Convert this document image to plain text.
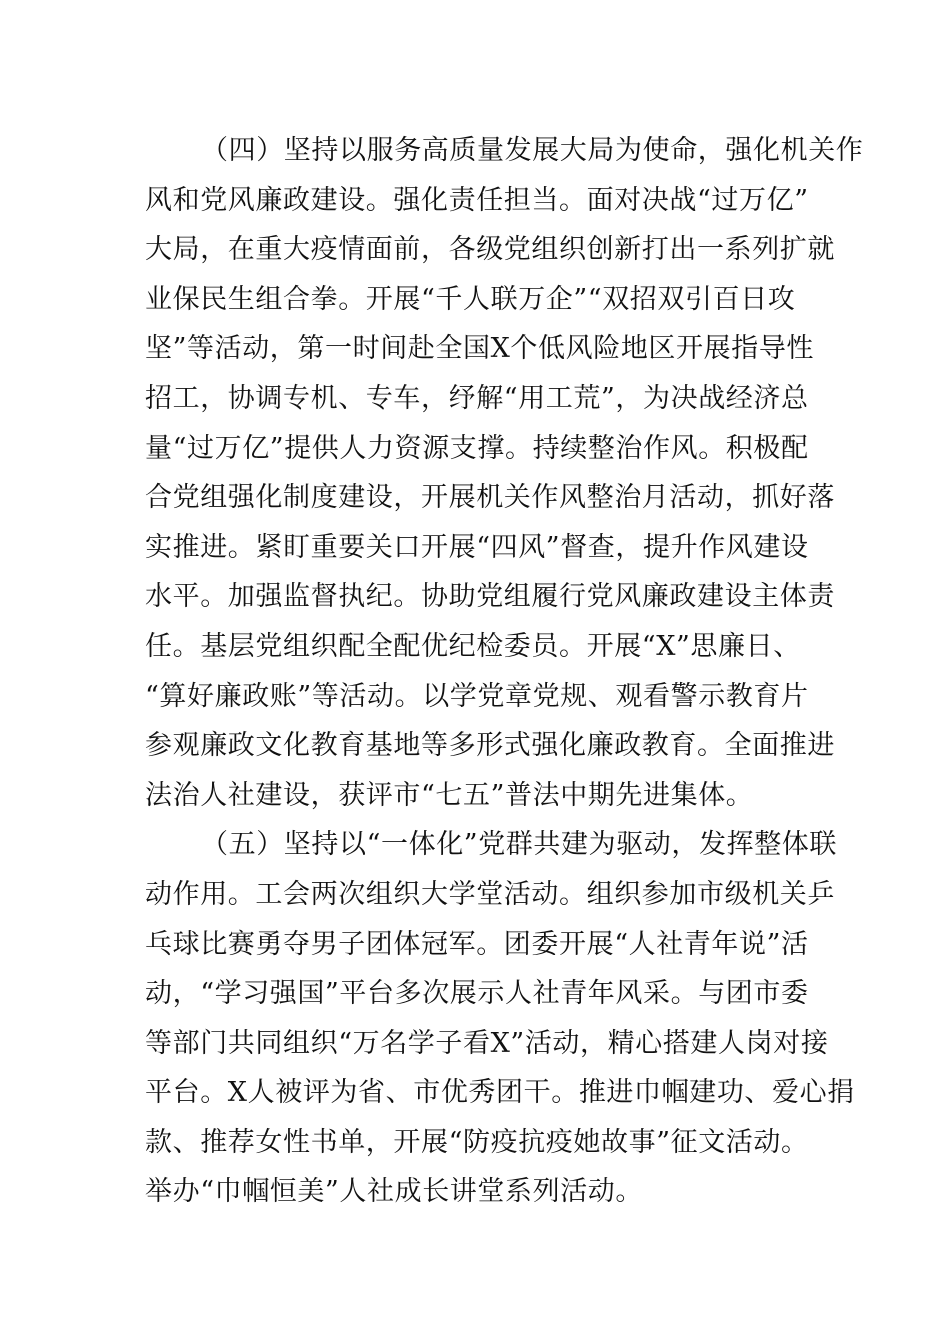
（四）坚持以服务高质量发展大局为使命，强化机关作
风和党风廉政建设。强化责任担当。面对决战“过万亿”
大局，在重大疫情面前，各级党组织创新打出一系列扩就
业保民生组合拳。开展“千人联万企”“双招双引百日攻
坚”等活动，第一时间赴全国X个低风险地区开展指导性
招工，协调专机、专车，纾解“用工荒”，为决战经济总
量“过万亿”提供人力资源支撑。持续整治作风。积极配
合党组强化制度建设，开展机关作风整治月活动，抓好落
实推进。紧盯重要关口开展“四风”督查，提升作风建设
水平。加强监督执纪。协助党组履行党风廉政建设主体责
任。基层党组织配全配优纪检委员。开展“X”思廉日、
“算好廉政账”等活动。以学党章党规、观看警示教育片
参观廉政文化教育基地等多形式强化廉政教育。全面推进
法治人社建设，获评市“七五”普法中期先进集体。
（五）坚持以“一体化”党群共建为驱动，发挥整体联
动作用。工会两次组织大学堂活动。组织参加市级机关乒
乓球比赛勇夺男子团体冠军。团委开展“人社青年说”活
动，“学习强国”平台多次展示人社青年风采。与团市委
等部门共同组织“万名学子看X”活动，精心搭建人岗对接
平台。X人被评为省、市优秀团干。推进巾帼建功、爱心捐
款、推荐女性书单，开展“防疫抗疫她故事”征文活动。
举办“巾帼恒美”人社成长讲堂系列活动。
